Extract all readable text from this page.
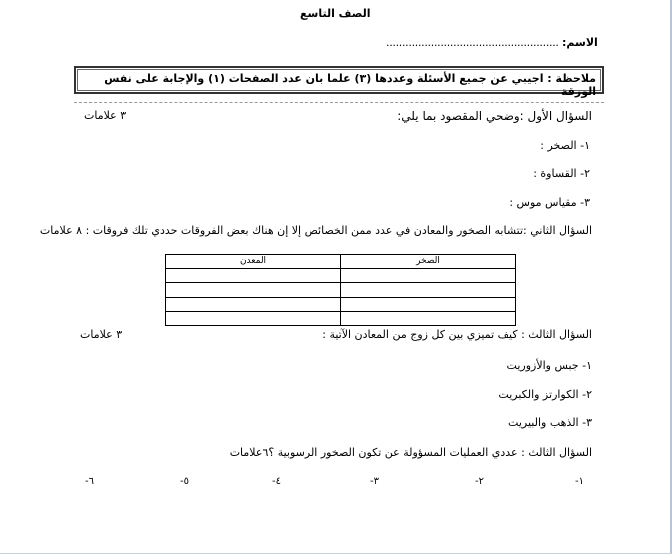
الصف التاسع
الاسم:
......................................................
ملاحظة : اجيبي عن جميع الأسئلة وعددها (٣) علما بان عدد الصفحات (١) والإجابة على نفس الورقة
السؤال الأول :وضحي المقصود بما يلي:
٣ علامات
١- الصخر :
٢- القساوة :
٣- مقياس موس :
السؤال الثاني :تتشابه الصخور والمعادن في عدد ممن الخصائص إلا إن هناك بعض الفروقات حددي تلك فروقات : ٨ علامات
المعدن	الصخر

السؤال الثالث : كيف تميزي بين كل زوج من المعادن الآتية :
٣ علامات
١- جبس والأزوريت
٢- الكوارتز والكبريت
٣- الذهب والبيريت
السؤال الثالث : عددي العمليات المسؤولة عن تكون الصخور الرسوبية ؟٦علامات
١-
٢-
٣-
٤-
٥-
٦-
